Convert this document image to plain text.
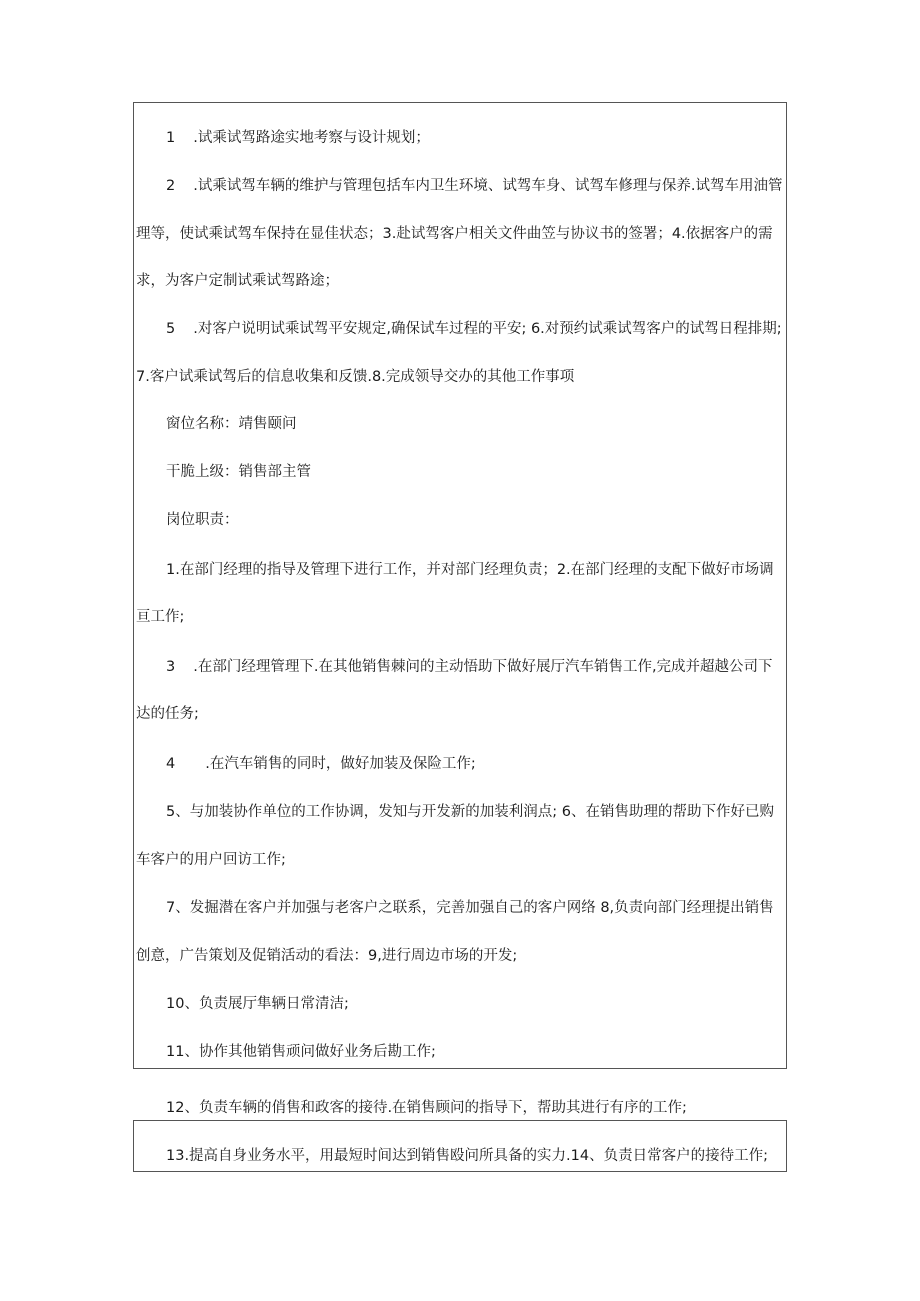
1 .试乘试驾路途实地考察与设计规划；
2 .试乘试驾车辆的维护与管理包括车内卫生环境、试驾车身、试驾车修理与保养.试驾车用油管
理等，使试乘试驾车保持在显佳状态；3.赴试驾客户相关文件曲笠与协议书的签署；4.依据客户的需
求，为客户定制试乘试驾路途；
5 .对客户说明试乘试驾平安规定,确保试车过程的平安; 6.对预约试乘试驾客户的试驾日程排期;
7.客户试乘试驾后的信息收集和反馈.8.完成领导交办的其他工作事项
窗位名称：靖售颐问
干脆上级：销售部主管
岗位职责：
1.在部门经理的指导及管理下进行工作，并对部门经理负责；2.在部门经理的支配下做好市场调
亘工作;
3 .在部门经理管理下.在其他销售棘问的主动悟助下做好展厅汽车销售工作,完成并超越公司下
达的任务;
4 .在汽车销售的同时，做好加装及保险工作;
5、与加装协作单位的工作协调，发知与开发新的加装利润点; 6、在销售助理的帮助下作好已购
车客户的用户回访工作;
7、发掘潜在客户并加强与老客户之联系，完善加强自己的客户网络 8,负责向部门经理提出销售
创意，广告策划及促销活动的看法：9,进行周边市场的开发;
10、负责展厅隼辆日常清洁;
11、协作其他销售顽问做好业务后勘工作;
12、负责车辆的俏售和政客的接待.在销售顾问的指导下，帮助其进行有序的工作;
13.提高自身业务水平，用最短时间达到销售殴问所具备的实力.14、负责日常客户的接待工作;
